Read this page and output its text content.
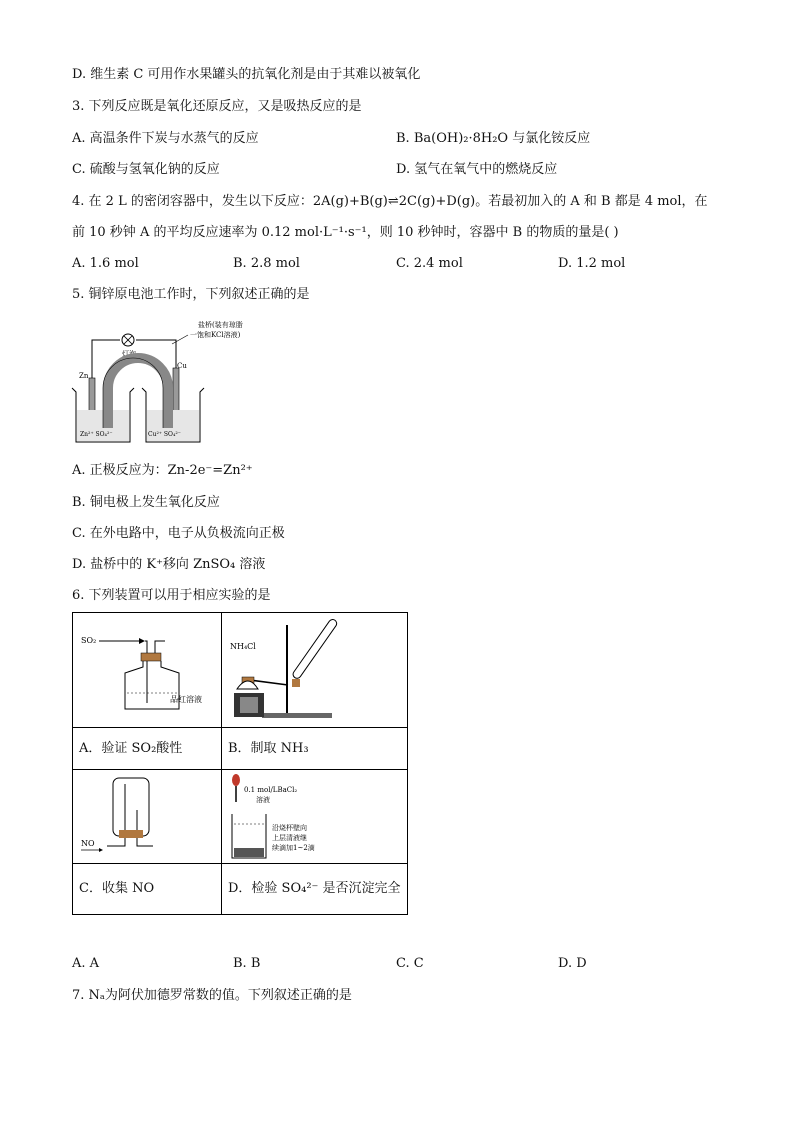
D. 维生素 C 可用作水果罐头的抗氧化剂是由于其难以被氧化
3. 下列反应既是氧化还原反应，又是吸热反应的是
A. 高温条件下炭与水蒸气的反应	B. Ba(OH)₂·8H₂O 与氯化铵反应
C. 硫酸与氢氧化钠的反应	D. 氢气在氧气中的燃烧反应
4. 在 2 L 的密闭容器中，发生以下反应：2A(g)+B(g)⇌2C(g)+D(g)。若最初加入的 A 和 B 都是 4 mol，在
前 10 秒钟 A 的平均反应速率为 0.12 mol·L⁻¹·s⁻¹，则 10 秒钟时，容器中 B 的物质的量是( )
A. 1.6 mol	B. 2.8 mol	C. 2.4 mol	D. 1.2 mol
5. 铜锌原电池工作时，下列叙述正确的是
盐桥(装有琼脂
一饱和KCl溶液)
灯泡
Zn
Cu
Zn²⁺ SO₄²⁻	Cu²⁺ SO₄²⁻
A. 正极反应为：Zn-2e⁻=Zn²⁺
B. 铜电极上发生氧化反应
C. 在外电路中，电子从负极流向正极
D. 盐桥中的 K⁺移向 ZnSO₄ 溶液
6. 下列装置可以用于相应实验的是
SO₂
品红溶液
NH₄Cl
A．验证 SO₂酸性	B．制取 NH₃
NO
0.1 mol/LBaCl₂
溶液
沿烧杯壁向
上层清液继
续滴加1~2滴
C．收集 NO	D．检验 SO₄²⁻ 是否沉淀完全
A. A	B. B	C. C	D. D
7. Nₐ为阿伏加德罗常数的值。下列叙述正确的是
